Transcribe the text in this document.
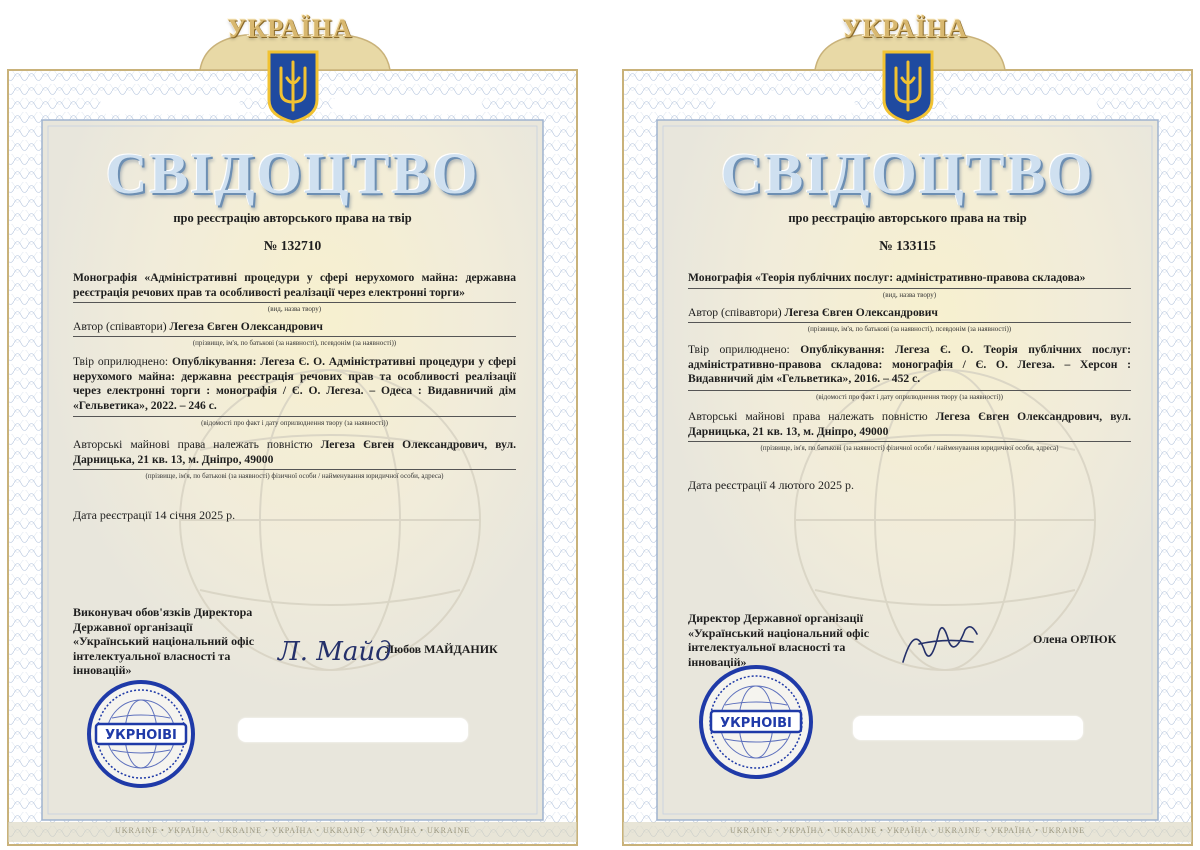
УКРАЇНА
СВІДОЦТВО
про реєстрацію авторського права на твір
№ 132710
Монографія «Адміністративні процедури у сфері нерухомого майна: державна реєстрація речових прав та особливості реалізації через електронні торги»
(вид, назва твору)
Автор (співавтори) Легеза Євген Олександрович
(прізвище, ім'я, по батькові (за наявності), псевдонім (за наявності))
Твір оприлюднено: Опублікування: Легеза Є. О. Адміністративні процедури у сфері нерухомого майна: державна реєстрація речових прав та особливості реалізації через електронні торги : монографія / Є. О. Легеза. – Одеса : Видавничий дім «Гельветика», 2022. – 246 с.
(відомості про факт і дату оприлюднення твору (за наявності))
Авторські майнові права належать повністю Легеза Євген Олександрович, вул. Дарницька, 21 кв. 13, м. Дніпро, 49000
(прізвище, ім'я, по батькові (за наявності) фізичної особи / найменування юридичної особи, адреса)
Дата реєстрації 14 січня 2025 р.
Виконувач обов'язків Директора Державної організації «Український національний офіс інтелектуальної власності та інновацій»
Л. Майд
Любов МАЙДАНИК
УКРНОІВІ
UKRAINE • УКРАЇНА • UKRAINE • УКРАЇНА • UKRAINE • УКРАЇНА • UKRAINE
УКРАЇНА
СВІДОЦТВО
про реєстрацію авторського права на твір
№ 133115
Монографія «Теорія публічних послуг: адміністративно-правова складова»
(вид, назва твору)
Автор (співавтори) Легеза Євген Олександрович
(прізвище, ім'я, по батькові (за наявності), псевдонім (за наявності))
Твір оприлюднено: Опублікування: Легеза Є. О. Теорія публічних послуг: адміністративно-правова складова: монографія / Є. О. Легеза. – Херсон : Видавничий дім «Гельветика», 2016. – 452 с.
(відомості про факт і дату оприлюднення твору (за наявності))
Авторські майнові права належать повністю Легеза Євген Олександрович, вул. Дарницька, 21 кв. 13, м. Дніпро, 49000
(прізвище, ім'я, по батькові (за наявності) фізичної особи / найменування юридичної особи, адреса)
Дата реєстрації 4 лютого 2025 р.
Директор Державної організації «Український національний офіс інтелектуальної власності та інновацій»
Олена ОРЛЮК
УКРНОІВІ
UKRAINE • УКРАЇНА • UKRAINE • УКРАЇНА • UKRAINE • УКРАЇНА • UKRAINE
